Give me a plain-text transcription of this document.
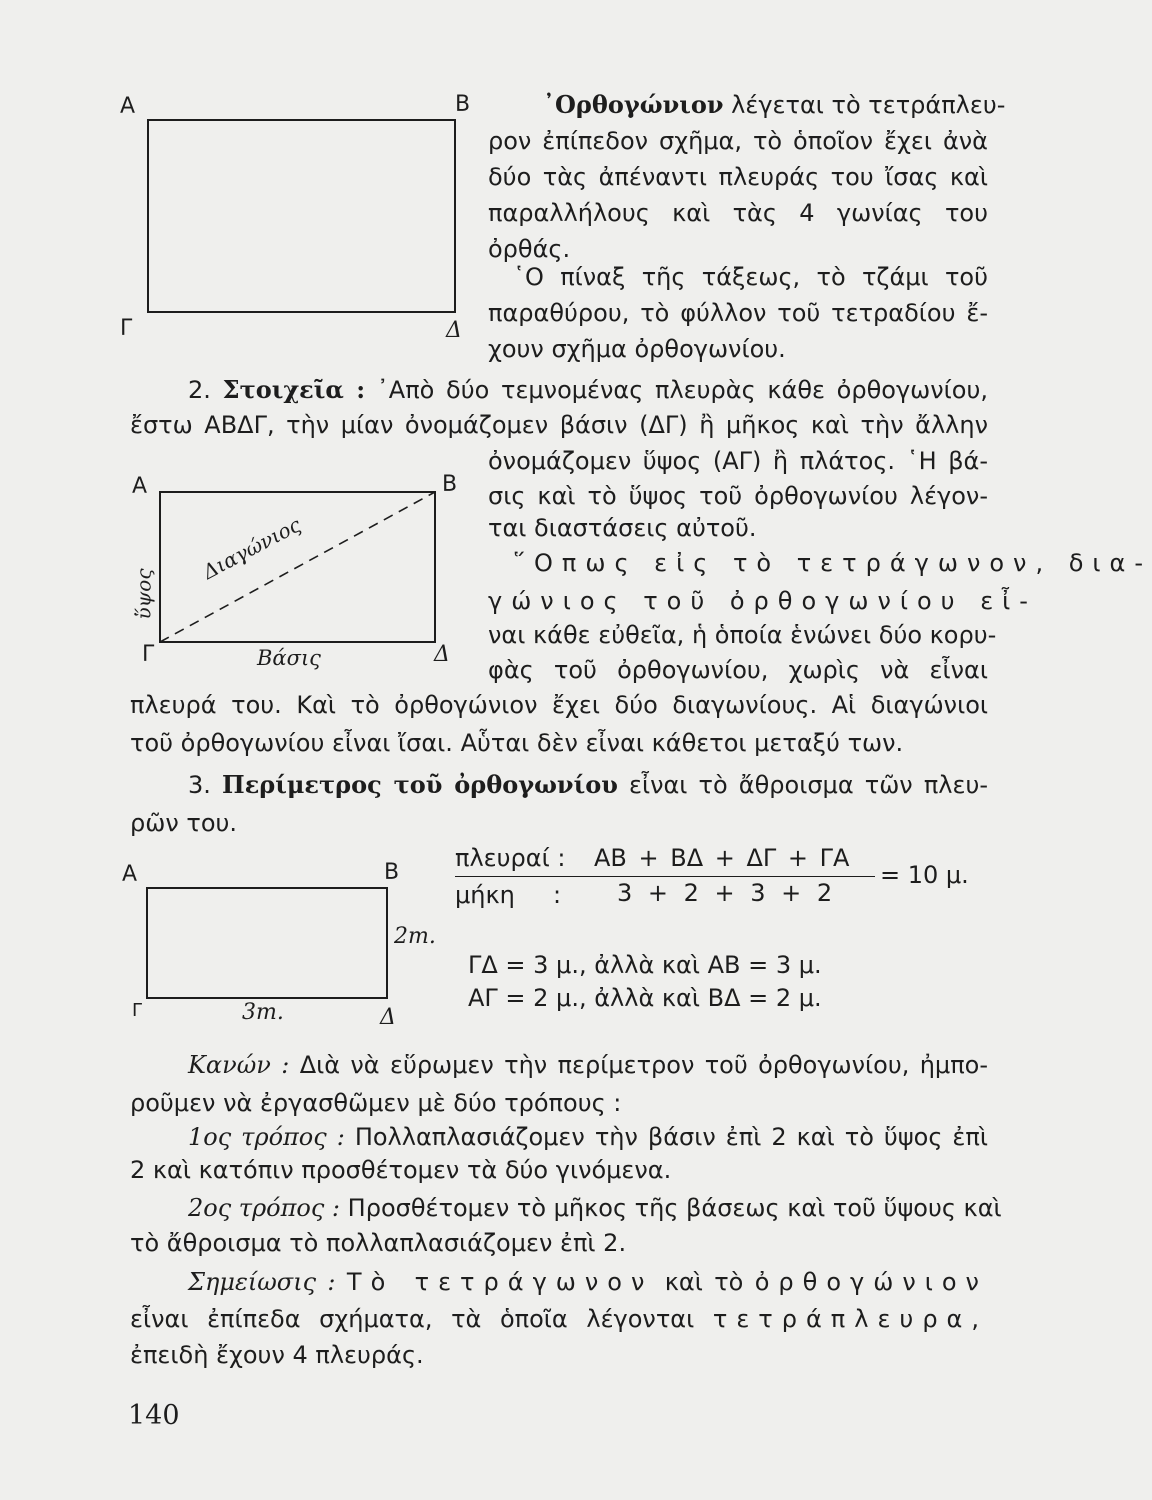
Α	Β
Γ	Δ
᾿Ορθογώνιον λέγεται τὸ τετράπλευ-
ρον ἐπίπεδον σχῆμα, τὸ ὁποῖον ἔχει ἀνὰ
δύο τὰς ἀπέναντι πλευράς του ἴσας καὶ
παραλλήλους καὶ τὰς 4 γωνίας του
ὀρθάς.
῾Ο πίναξ τῆς τάξεως, τὸ τζάμι τοῦ
παραθύρου, τὸ φύλλον τοῦ τετραδίου ἔ-
χουν σχῆμα ὀρθογωνίου.
2. Στοιχεῖα : ᾿Απὸ δύο τεμνομένας πλευρὰς κάθε ὀρθογωνίου,
ἔστω ΑΒΔΓ, τὴν μίαν ὀνομάζομεν βάσιν (ΔΓ) ἢ μῆκος καὶ τὴν ἄλλην
ὀνομάζομεν ὕψος (ΑΓ) ἢ πλάτος. ῾Η βά-
σις καὶ τὸ ὕψος τοῦ ὀρθογωνίου λέγον-
ται διαστάσεις αὐτοῦ.
῞Οπως εἰς τὸ τετράγωνον, δια-
γώνιος τοῦ ὀρθογωνίου εἶ-
ναι κάθε εὐθεῖα, ἡ ὁποία ἑνώνει δύο κορυ-
φὰς τοῦ ὀρθογωνίου, χωρὶς νὰ εἶναι
πλευρά του. Καὶ τὸ ὀρθογώνιον ἔχει δύο διαγωνίους. Αἱ διαγώνιοι
τοῦ ὀρθογωνίου εἶναι ἴσαι. Αὗται δὲν εἶναι κάθετοι μεταξύ των.
Α	Β
Γ	Δ
Διαγώνιος
ὕψος
Βάσις
3. Περίμετρος τοῦ ὀρθογωνίου εἶναι τὸ ἄθροισμα τῶν πλευ-
ρῶν του.
Α	Β
Γ	Δ
2m.
3m.
πλευραί : ΑΒ + ΒΔ + ΔΓ + ΓΑ
μήκη : 3 + 2 + 3 + 2
= 10 μ.
ΓΔ = 3 μ., ἀλλὰ καὶ ΑΒ = 3 μ.
ΑΓ = 2 μ., ἀλλὰ καὶ ΒΔ = 2 μ.
Κανών : Διὰ νὰ εὕρωμεν τὴν περίμετρον τοῦ ὀρθογωνίου, ἠμπο-
ροῦμεν νὰ ἐργασθῶμεν μὲ δύο τρόπους :
1ος τρόπος : Πολλαπλασιάζομεν τὴν βάσιν ἐπὶ 2 καὶ τὸ ὕψος ἐπὶ
2 καὶ κατόπιν προσθέτομεν τὰ δύο γινόμενα.
2ος τρόπος : Προσθέτομεν τὸ μῆκος τῆς βάσεως καὶ τοῦ ὕψους καὶ
τὸ ἄθροισμα τὸ πολλαπλασιάζομεν ἐπὶ 2.
Σημείωσις : Τὸ τετράγωνον καὶ τὸ ὀρθογώνιον
εἶναι ἐπίπεδα σχήματα, τὰ ὁποῖα λέγονται τετράπλευρα,
ἐπειδὴ ἔχουν 4 πλευράς.
140
